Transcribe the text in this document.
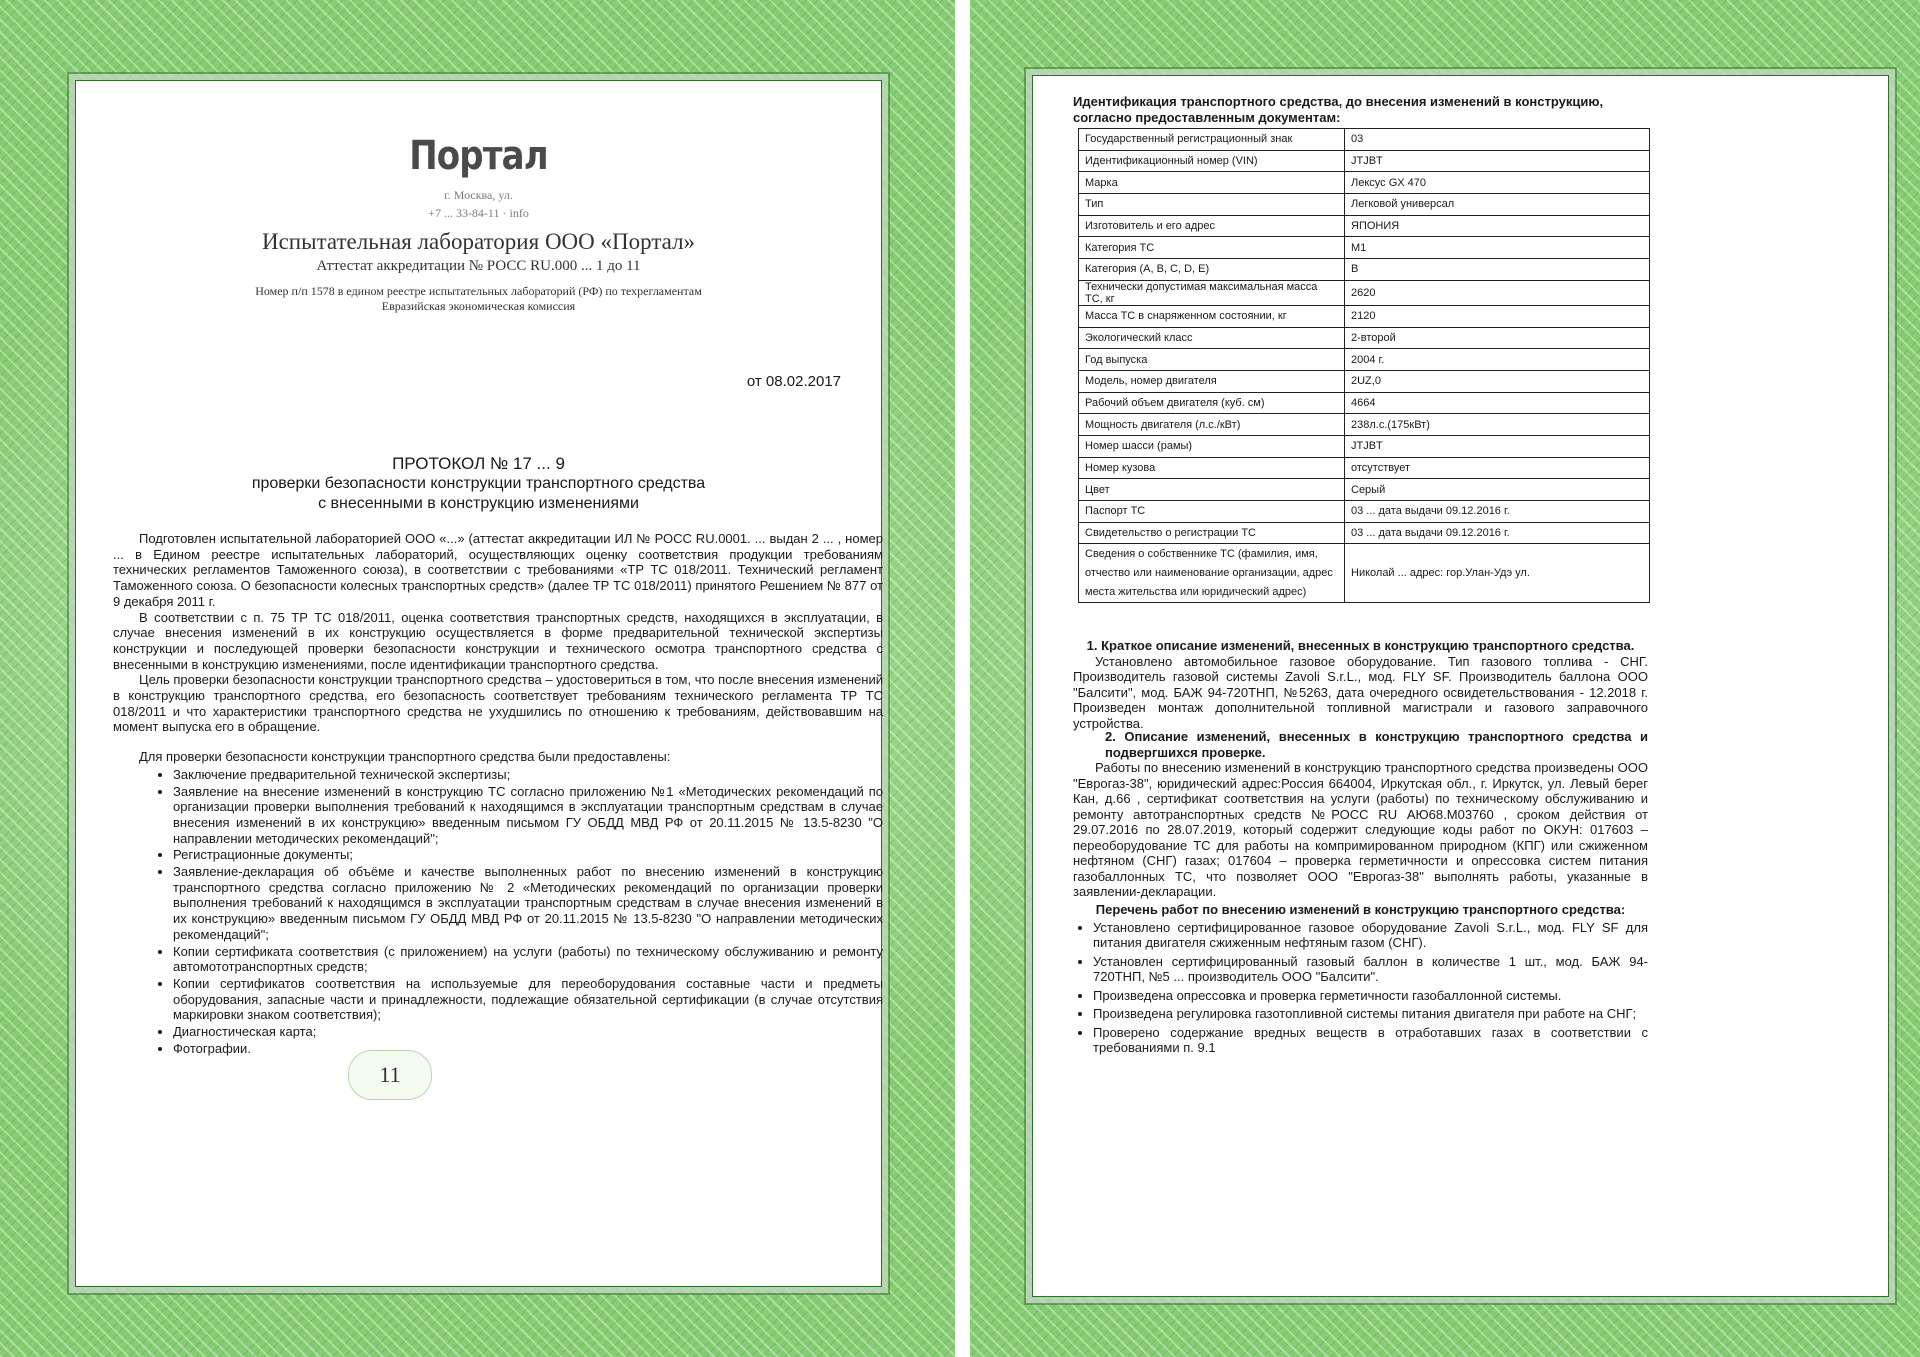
Портал
г. Москва, ул.
+7 ... 33-84-11 · info
Испытательная лаборатория ООО «Портал»
Аттестат аккредитации № РОСС RU.000 ... 1 до 11
Номер п/п 1578 в едином реестре испытательных лабораторий (РФ) по техрегламентам
Евразийская экономическая комиссия
от 08.02.2017
ПРОТОКОЛ № 17 ... 9
проверки безопасности конструкции транспортного средства
с внесенными в конструкцию изменениями

Подготовлен испытательной лабораторией ООО «...» (аттестат аккредитации ИЛ № РОСС RU.0001. ... выдан 2 ... , номер ... в Едином реестре испытательных лабораторий, осуществляющих оценку соответствия продукции требованиям технических регламентов Таможенного союза), в соответствии с требованиями «ТР ТС 018/2011. Технический регламент Таможенного союза. О безопасности колесных транспортных средств» (далее ТР ТС 018/2011) принятого Решением № 877 от 9 декабря 2011 г.

В соответствии с п. 75 ТР ТС 018/2011, оценка соответствия транспортных средств, находящихся в эксплуатации, в случае внесения изменений в их конструкцию осуществляется в форме предварительной технической экспертизы конструкции и последующей проверки безопасности конструкции и технического осмотра транспортного средства с внесенными в конструкцию изменениями, после идентификации транспортного средства.

Цель проверки безопасности конструкции транспортного средства – удостовериться в том, что после внесения изменений в конструкцию транспортного средства, его безопасность соответствует требованиям технического регламента ТР ТС 018/2011 и что характеристики транспортного средства не ухудшились по отношению к требованиям, действовавшим на момент выпуска его в обращение.

Для проверки безопасности конструкции транспортного средства были предоставлены:

• Заключение предварительной технической экспертизы;
• Заявление на внесение изменений в конструкцию ТС согласно приложению №1 «Методических рекомендаций по организации проверки выполнения требований к находящимся в эксплуатации транспортным средствам в случае внесения изменений в их конструкцию» введенным письмом ГУ ОБДД МВД РФ от 20.11.2015 № 13.5-8230 "О направлении методических рекомендаций";
• Регистрационные документы;
• Заявление-декларация об объёме и качестве выполненных работ по внесению изменений в конструкцию транспортного средства согласно приложению № 2 «Методических рекомендаций по организации проверки выполнения требований к находящимся в эксплуатации транспортным средствам в случае внесения изменений в их конструкцию» введенным письмом ГУ ОБДД МВД РФ от 20.11.2015 № 13.5-8230 "О направлении методических рекомендаций";
• Копии сертификата соответствия (с приложением) на услуги (работы) по техническому обслуживанию и ремонту автомототранспортных средств;
• Копии сертификатов соответствия на используемые для переоборудования составные части и предметы оборудования, запасные части и принадлежности, подлежащие обязательной сертификации (в случае отсутствия маркировки знаком соответствия);
• Диагностическая карта;
• Фотографии.
11
Идентификация транспортного средства, до внесения изменений в конструкцию, согласно предоставленным документам:
Государственный регистрационный знак	03
Идентификационный номер (VIN)	JTJBT
Марка	Лексус GX 470
Тип	Легковой универсал
Изготовитель и его адрес	ЯПОНИЯ
Категория ТС	M1
Категория (A, B, C, D, E)	B
Технически допустимая максимальная масса ТС, кг	2620
Масса ТС в снаряженном состоянии, кг	2120
Экологический класс	2-второй
Год выпуска	2004 г.
Модель, номер двигателя	2UZ,0
Рабочий объем двигателя (куб. см)	4664
Мощность двигателя (л.с./кВт)	238л.с.(175кВт)
Номер шасси (рамы)	JTJBT
Номер кузова	отсутствует
Цвет	Серый
Паспорт ТС	03 ... дата выдачи 09.12.2016 г.
Свидетельство о регистрации ТС	03 ... дата выдачи 09.12.2016 г.
Сведения о собственнике ТС (фамилия, имя, отчество или наименование организации, адрес места жительства или юридический адрес)	Николай ... адрес: гор.Улан-Удэ ул.
1. Краткое описание изменений, внесенных в конструкцию транспортного средства.

Установлено автомобильное газовое оборудование. Тип газового топлива - СНГ. Производитель газовой системы Zavoli S.r.L., мод. FLY SF. Производитель баллона ООО "Балсити", мод. БАЖ 94-720ТНП, №5263, дата очередного освидетельствования - 12.2018 г. Произведен монтаж дополнительной топливной магистрали и газового заправочного устройства.

2. Описание изменений, внесенных в конструкцию транспортного средства и подвергшихся проверке.

Работы по внесению изменений в конструкцию транспортного средства произведены ООО "Еврогаз-38", юридический адрес:Россия 664004, Иркутская обл., г. Иркутск, ул. Левый берег Кан, д.66 , сертификат соответствия на услуги (работы) по техническому обслуживанию и ремонту автотранспортных средств №РОСС RU АЮ68.М03760 , сроком действия от 29.07.2016 по 28.07.2019, который содержит следующие коды работ по ОКУН: 017603 – переоборудование ТС для работы на компримированном природном (КПГ) или сжиженном нефтяном (СНГ) газах; 017604 – проверка герметичности и опрессовка систем питания газобаллонных ТС, что позволяет ООО "Еврогаз-38" выполнять работы, указанные в заявлении-декларации.

Перечень работ по внесению изменений в конструкцию транспортного средства:
• Установлено сертифицированное газовое оборудование Zavoli S.r.L., мод. FLY SF для питания двигателя сжиженным нефтяным газом (СНГ).
• Установлен сертифицированный газовый баллон в количестве 1 шт., мод. БАЖ 94-720ТНП, №5 ... производитель ООО "Балсити".
• Произведена опрессовка и проверка герметичности газобаллонной системы.
• Произведена регулировка газотопливной системы питания двигателя при работе на СНГ;
• Проверено содержание вредных веществ в отработавших газах в соответствии с требованиями п. 9.1
